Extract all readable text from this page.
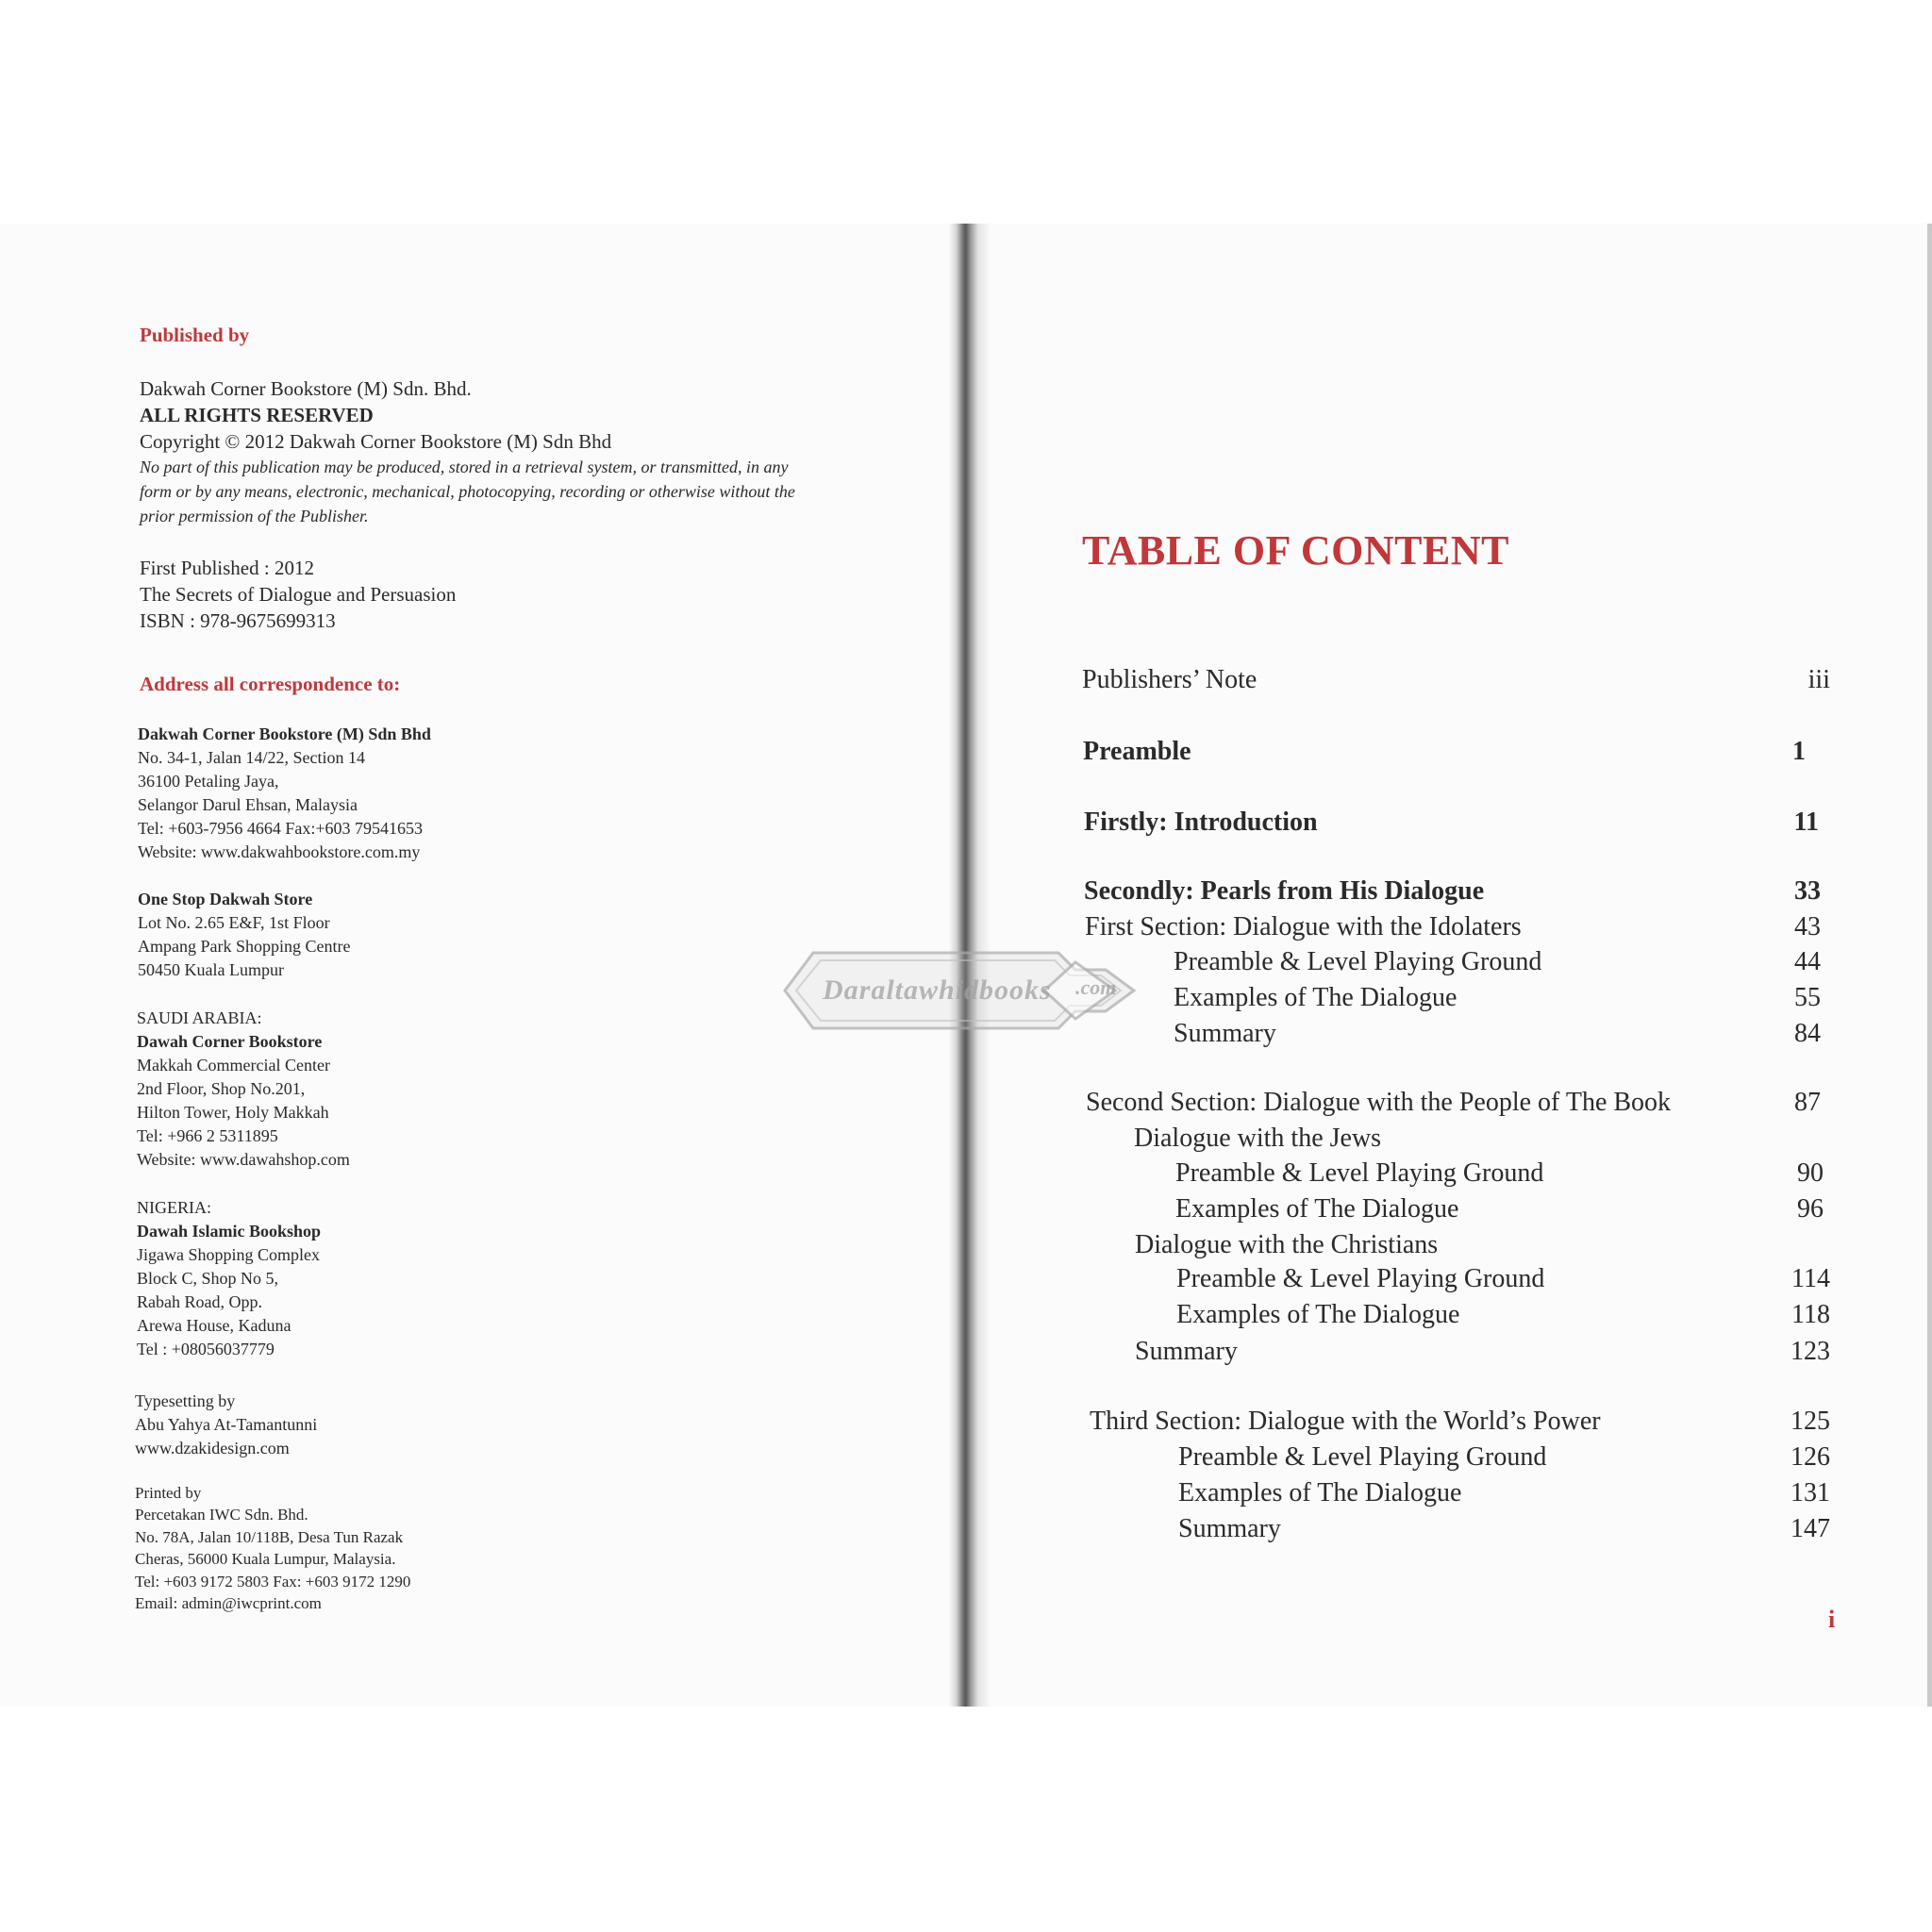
Published by
Dakwah Corner Bookstore (M) Sdn. Bhd.
ALL RIGHTS RESERVED
Copyright © 2012 Dakwah Corner Bookstore (M) Sdn Bhd
No part of this publication may be produced, stored in a retrieval system, or transmitted, in any
form or by any means, electronic, mechanical, photocopying, recording or otherwise without the
prior permission of the Publisher.
First Published : 2012
The Secrets of Dialogue and Persuasion
ISBN : 978-9675699313
Address all correspondence to:
Dakwah Corner Bookstore (M) Sdn Bhd
No. 34-1, Jalan 14/22, Section 14
36100 Petaling Jaya,
Selangor Darul Ehsan, Malaysia
Tel: +603-7956 4664 Fax:+603 79541653
Website: www.dakwahbookstore.com.my
One Stop Dakwah Store
Lot No. 2.65 E&F, 1st Floor
Ampang Park Shopping Centre
50450 Kuala Lumpur
SAUDI ARABIA:
Dawah Corner Bookstore
Makkah Commercial Center
2nd Floor, Shop No.201,
Hilton Tower, Holy Makkah
Tel: +966 2 5311895
Website: www.dawahshop.com
NIGERIA:
Dawah Islamic Bookshop
Jigawa Shopping Complex
Block C, Shop No 5,
Rabah Road, Opp.
Arewa House, Kaduna
Tel : +08056037779
Typesetting by
Abu Yahya At-Tamantunni
www.dzakidesign.com
Printed by
Percetakan IWC Sdn. Bhd.
No. 78A, Jalan 10/118B, Desa Tun Razak
Cheras, 56000 Kuala Lumpur, Malaysia.
Tel: +603 9172 5803 Fax: +603 9172 1290
Email: admin@iwcprint.com
TABLE OF CONTENT
Publishers’ Note	iii
Preamble	1
Firstly: Introduction	11
Secondly: Pearls from His Dialogue	33
First Section: Dialogue with the Idolaters	43
Preamble & Level Playing Ground	44
Examples of The Dialogue	55
Summary	84
Second Section: Dialogue with the People of The Book	87
Dialogue with the Jews
Preamble & Level Playing Ground	90
Examples of The Dialogue	96
Dialogue with the Christians
Preamble & Level Playing Ground	114
Examples of The Dialogue	118
Summary	123
Third Section: Dialogue with the World’s Power	125
Preamble & Level Playing Ground	126
Examples of The Dialogue	131
Summary	147
i
Daraltawhidbooks .com
